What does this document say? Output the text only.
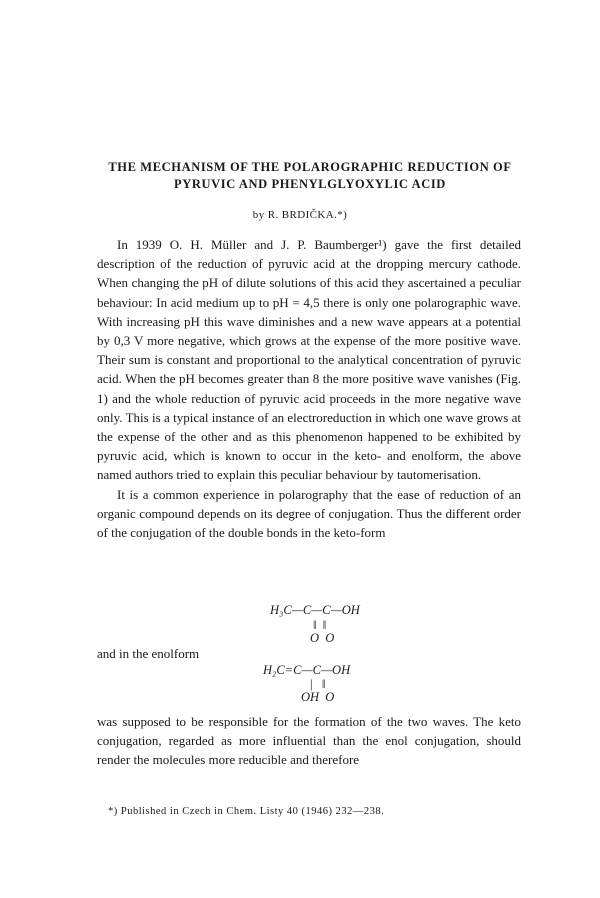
THE MECHANISM OF THE POLAROGRAPHIC REDUCTION OF
PYRUVIC AND PHENYLGLYOXYLIC ACID
by R. BRDIČKA.*)

In 1939 O. H. Müller and J. P. Baumberger¹) gave the first detailed description of the reduction of pyruvic acid at the dropping mercury cathode. When changing the pH of dilute solutions of this acid they ascertained a peculiar behaviour: In acid medium up to pH = 4,5 there is only one polarographic wave. With increasing pH this wave diminishes and a new wave appears at a potential by 0,3 V more negative, which grows at the expense of the more positive wave. Their sum is constant and proportional to the analytical concentration of pyruvic acid. When the pH becomes greater than 8 the more positive wave vanishes (Fig. 1) and the whole reduction of pyruvic acid proceeds in the more negative wave only. This is a typical instance of an electroreduction in which one wave grows at the expense of the other and as this phenomenon happened to be exhibited by pyruvic acid, which is known to occur in the keto- and enolform, the above named authors tried to explain this peculiar behaviour by tautomerisation.

It is a common experience in polarography that the ease of reduction of an organic compound depends on its degree of conjugation. Thus the different order of the conjugation of the double bonds in the keto-form

H₃C—C—C—OH
‖  ‖
O  O
and in the enolform
H₂C=C—C—OH
|   ‖
OH  O

was supposed to be responsible for the formation of the two waves. The keto conjugation, regarded as more influential than the enol conjugation, should render the molecules more reducible and therefore

*) Published in Czech in Chem. Listy 40 (1946) 232—238.
